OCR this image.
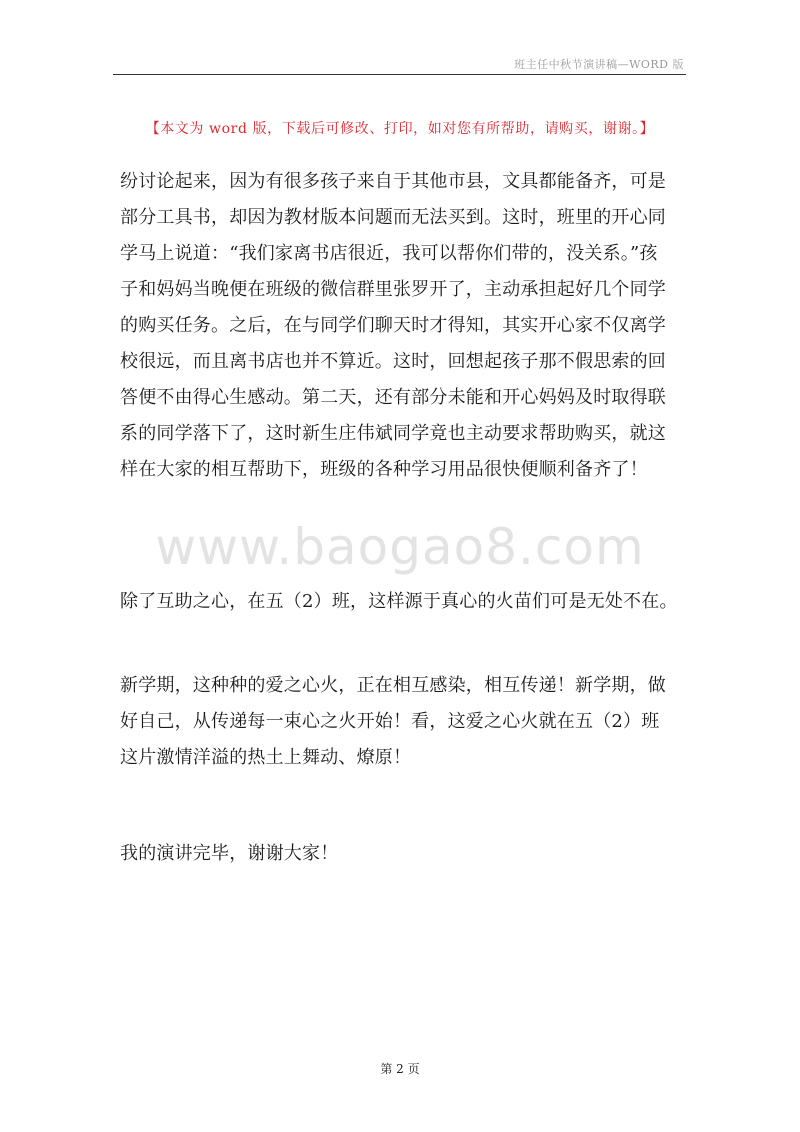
班主任中秋节演讲稿—WORD 版
【本文为 word 版，下载后可修改、打印，如对您有所帮助，请购买，谢谢。】
纷讨论起来，因为有很多孩子来自于其他市县，文具都能备齐，可是
部分工具书，却因为教材版本问题而无法买到。这时，班里的开心同
学马上说道：“我们家离书店很近，我可以帮你们带的，没关系。”孩
子和妈妈当晚便在班级的微信群里张罗开了，主动承担起好几个同学
的购买任务。之后，在与同学们聊天时才得知，其实开心家不仅离学
校很远，而且离书店也并不算近。这时，回想起孩子那不假思索的回
答便不由得心生感动。第二天，还有部分未能和开心妈妈及时取得联
系的同学落下了，这时新生庄伟斌同学竟也主动要求帮助购买，就这
样在大家的相互帮助下，班级的各种学习用品很快便顺利备齐了！
www.baogao8.com
除了互助之心，在五（2）班，这样源于真心的火苗们可是无处不在。
新学期，这种种的爱之心火，正在相互感染，相互传递！新学期，做
好自己，从传递每一束心之火开始！看，这爱之心火就在五（2）班
这片激情洋溢的热土上舞动、燎原！
我的演讲完毕，谢谢大家！
第 2 页
